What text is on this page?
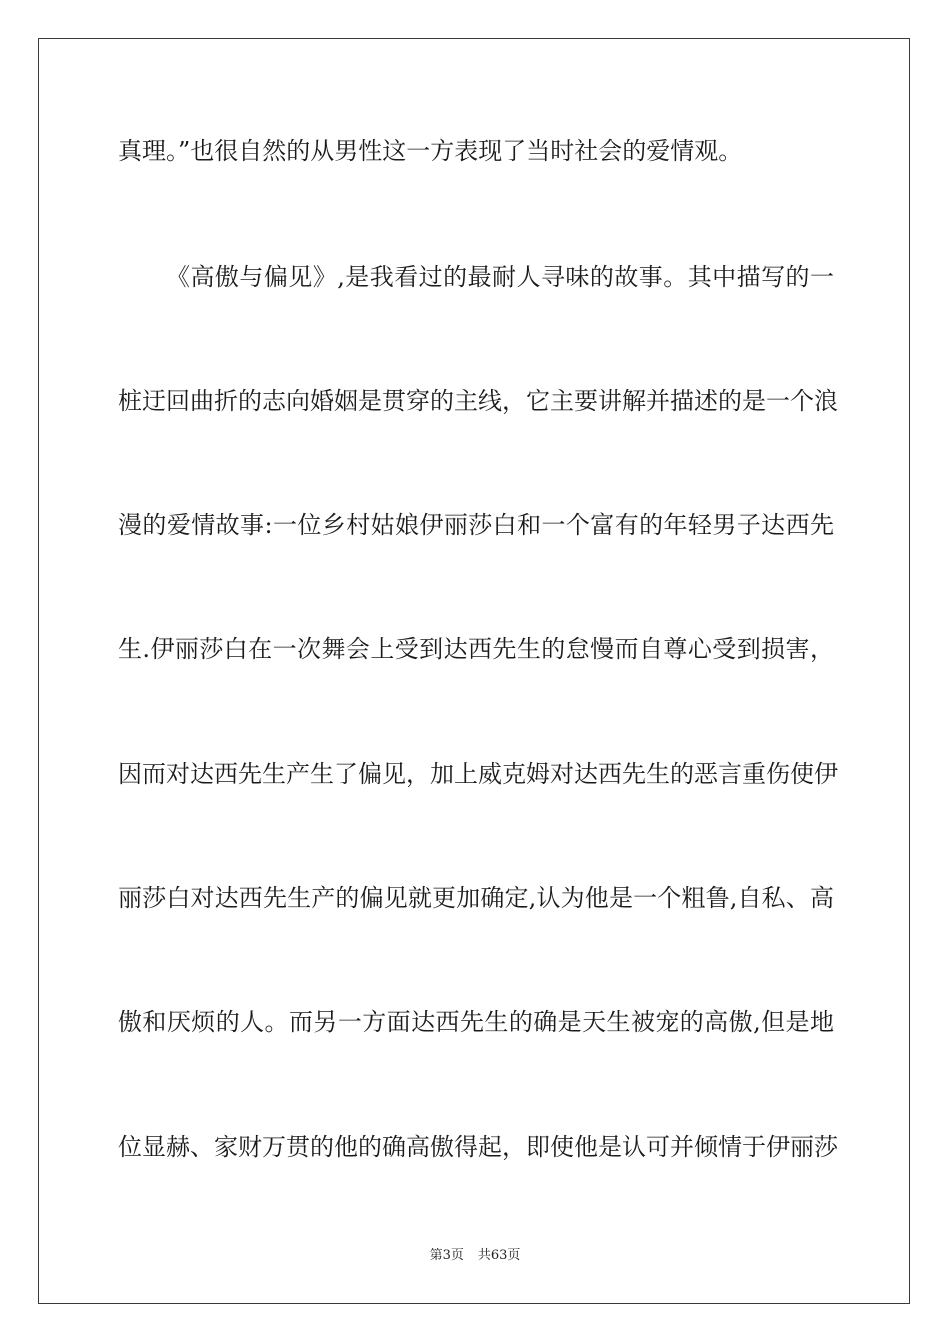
真理。”也很自然的从男性这一方表现了当时社会的爱情观。
《高傲与偏见》,是我看过的最耐人寻味的故事。其中描写的一
桩迂回曲折的志向婚姻是贯穿的主线，它主要讲解并描述的是一个浪
漫的爱情故事:一位乡村姑娘伊丽莎白和一个富有的年轻男子达西先
生.伊丽莎白在一次舞会上受到达西先生的怠慢而自尊心受到损害，
因而对达西先生产生了偏见，加上威克姆对达西先生的恶言重伤使伊
丽莎白对达西先生产的偏见就更加确定,认为他是一个粗鲁,自私、高
傲和厌烦的人。而另一方面达西先生的确是天生被宠的高傲,但是地
位显赫、家财万贯的他的确高傲得起，即使他是认可并倾情于伊丽莎
第3页 共63页
